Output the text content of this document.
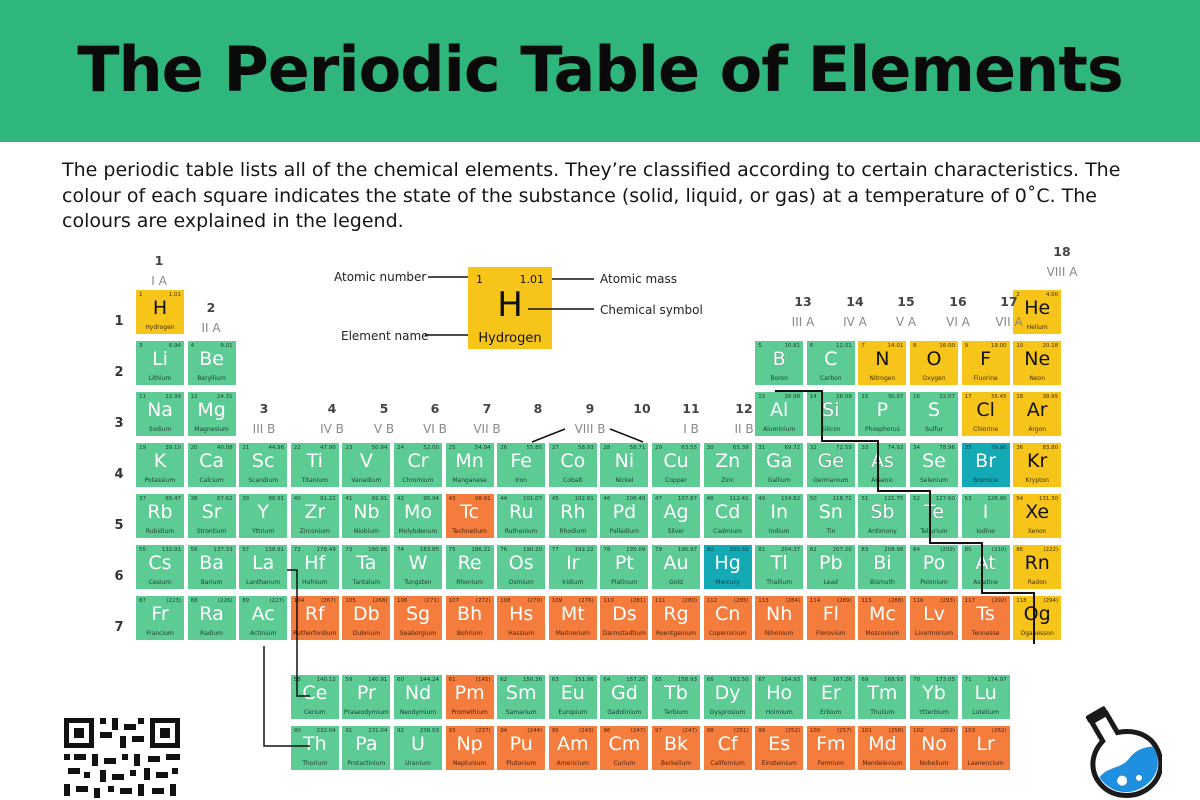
The Periodic Table of Elements

The periodic table lists all of the chemical elements. They’re classified according to certain characteristics. The colour of each square indicates the state of the substance (solid, liquid, or gas) at a temperature of 0˚C. The colours are explained in the legend.

1	1.01
H
Hydrogen
2	4.00
He
Helium
3	6.94
Li
Lithium
4	9.01
Be
Beryllium
5	10.81
B
Boron
6	12.01
C
Carbon
7	14.01
N
Nitrogen
8	16.00
O
Oxygen
9	19.00
F
Fluorine
10	20.18
Ne
Neon
11	22.99
Na
Sodium
12	24.31
Mg
Magnesium
13	26.98
Al
Aluminium
14	28.09
Si
Silicon
15	30.97
P
Phosphorus
16	32.07
S
Sulfur
17	35.45
Cl
Chlorine
18	39.95
Ar
Argon
19	39.10
K
Potassium
20	40.08
Ca
Calcium
21	44.96
Sc
Scandium
22	47.90
Ti
Titanium
23	50.94
V
Vanadium
24	52.00
Cr
Chromium
25	54.94
Mn
Manganese
26	55.85
Fe
Iron
27	58.93
Co
Cobalt
28	58.71
Ni
Nickel
29	63.55
Cu
Copper
30	65.39
Zn
Zinc
31	69.72
Ga
Gallium
32	72.59
Ge
Germanium
33	74.92
As
Arsenic
34	78.96
Se
Selenium
35	79.90
Br
Bromine
36	83.80
Kr
Krypton
37	85.47
Rb
Rubidium
38	87.62
Sr
Strontium
39	88.91
Y
Yttrium
40	91.22
Zr
Zirconium
41	92.91
Nb
Niobium
42	95.94
Mo
Molybdenum
43	98.91
Tc
Technetium
44	101.07
Ru
Ruthenium
45	102.91
Rh
Rhodium
46	106.40
Pd
Palladium
47	107.87
Ag
Silver
48	112.41
Cd
Cadmium
49	114.82
In
Indium
50	118.71
Sn
Tin
51	121.75
Sb
Antimony
52	127.60
Te
Tellurium
53	126.90
I
Iodine
54	131.30
Xe
Xenon
55	132.91
Cs
Cesium
56	137.33
Ba
Barium
57	138.91
La
Lanthanum
72	178.49
Hf
Hafnium
73	180.95
Ta
Tantalum
74	183.85
W
Tungsten
75	186.21
Re
Rhenium
76	190.20
Os
Osmium
77	192.22
Ir
Iridium
78	195.09
Pt
Platinum
79	196.97
Au
Gold
80	200.59
Hg
Mercury
81	204.37
Tl
Thallium
82	207.20
Pb
Lead
83	208.98
Bi
Bismuth
84	(209)
Po
Polonium
85	(210)
At
Astatine
86	(222)
Rn
Radon
87	(223)
Fr
Francium
88	(226)
Ra
Radium
89	(227)
Ac
Actinium
104	(267)
Rf
Rutherfordium
105	(268)
Db
Dubnium
106	(271)
Sg
Seaborgium
107	(272)
Bh
Bohrium
108	(270)
Hs
Hassium
109	(276)
Mt
Meitnerium
110	(281)
Ds
Darmstadtium
111	(280)
Rg
Roentgenium
112	(285)
Cn
Copernicium
113	(284)
Nh
Nihonium
114	(289)
Fl
Flerovium
115	(288)
Mc
Moscovium
116	(293)
Lv
Livermorium
117	(292)
Ts
Tennesse
118	(294)
Og
Oganesson
58	140.12
Ce
Cerium
59	140.91
Pr
Praseodymium
60	144.24
Nd
Neodymium
61	(145)
Pm
Promethium
62	150.36
Sm
Samarium
63	151.96
Eu
Europium
64	157.25
Gd
Gadolinium
65	158.93
Tb
Terbium
66	162.50
Dy
Dysprosium
67	164.93
Ho
Holmium
68	167.26
Er
Erbium
69	168.93
Tm
Thulium
70	173.05
Yb
Ytterbium
71	174.97
Lu
Lutetium
90	232.04
Th
Thorium
91	231.04
Pa
Protactinium
92	238.03
U
Uranium
93	(237)
Np
Neptunium
94	(244)
Pu
Plutonium
95	(243)
Am
Americium
96	(247)
Cm
Curium
97	(247)
Bk
Berkelium
98	(251)
Cf
Californium
99	(252)
Es
Einsteinium
100	(257)
Fm
Fermium
101	(258)
Md
Mendelevium
102	(259)
No
Nobelium
103	(262)
Lr
Lawrencium
1
I A
2
II A
3
III B
4
IV B
5
V B
6
VI B
7
VII B
8	9
VIII B
10	11
I B
12
II B
13
III A
14
IV A
15
V A
16
VI A
17
VII A
18
VIII A
1
2
3
4
5
6
7
1	1.01
H
Hydrogen
Atomic number	Atomic mass
Chemical symbol
Element name
